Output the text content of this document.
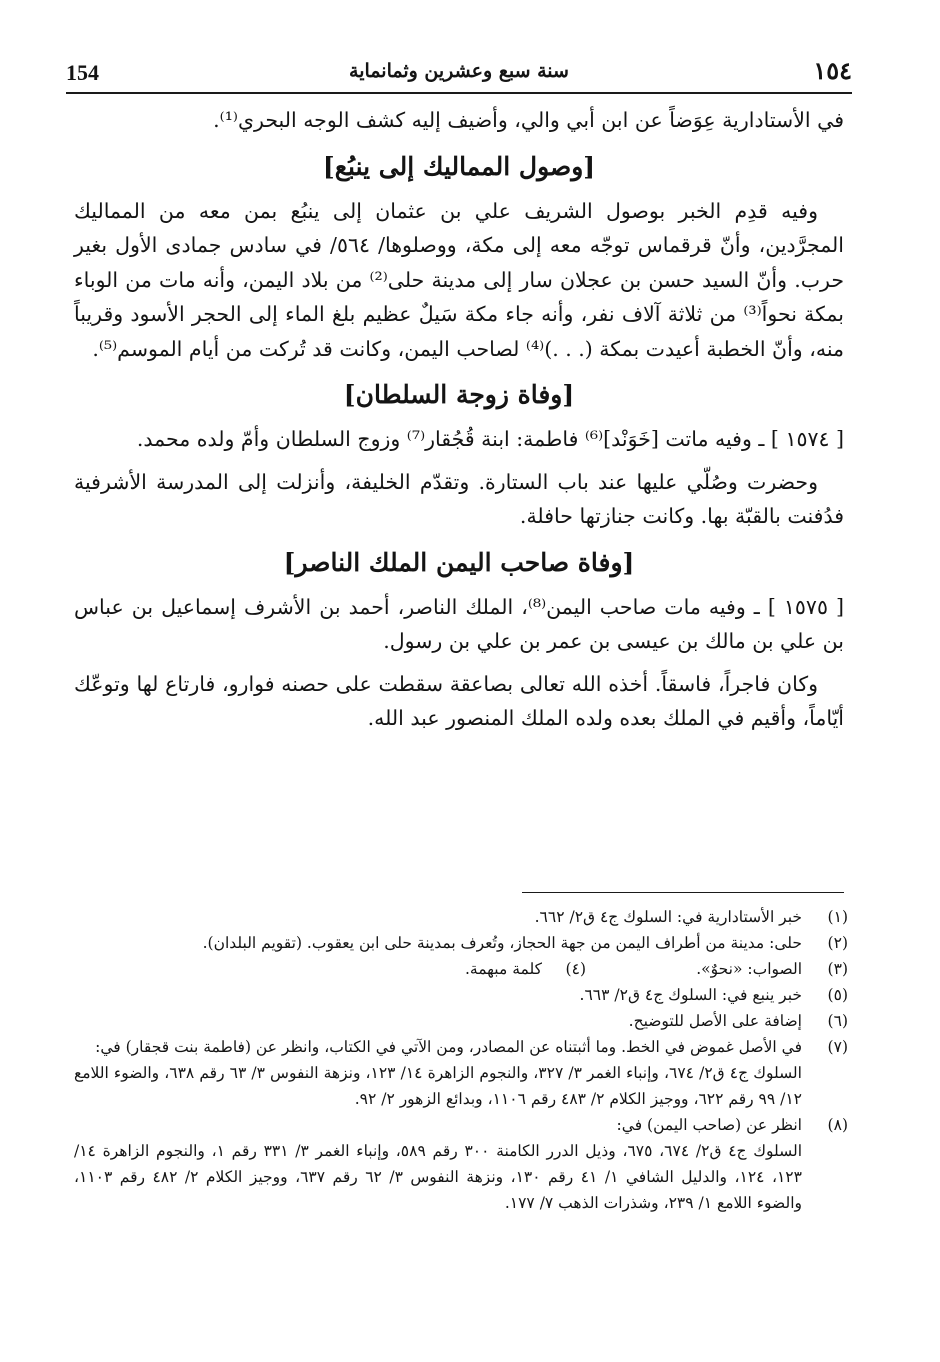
154	سنة سبع وعشرين وثمانماية	١٥٤

في الأستادارية عِوَضاً عن ابن أبي والي، وأضيف إليه كشف الوجه البحري⁽¹⁾.

[وصول المماليك إلى ينبُع]

وفيه قدِم الخبر بوصول الشريف علي بن عثمان إلى ينبُع بمن معه من المماليك المجرَّدين، وأنّ قرقماس توجّه معه إلى مكة، ووصلوها/ ٥٦٤/ في سادس جمادى الأول بغير حرب. وأنّ السيد حسن بن عجلان سار إلى مدينة حلى⁽²⁾ من بلاد اليمن، وأنه مات من الوباء بمكة نحواً⁽³⁾ من ثلاثة آلاف نفر، وأنه جاء مكة سَيلٌ عظيم بلغ الماء إلى الحجر الأسود وقريباً منه، وأنّ الخطبة أعيدت بمكة (. . .)⁽⁴⁾ لصاحب اليمن، وكانت قد تُركت من أيام الموسم⁽⁵⁾.

[وفاة زوجة السلطان]

[ ١٥٧٤ ] ـ وفيه ماتت [خَوَنْد]⁽⁶⁾ فاطمة: ابنة قُجُقار⁽⁷⁾ وزوج السلطان وأمّ ولده محمد.

وحضرت وصُلّي عليها عند باب الستارة. وتقدّم الخليفة، وأنزلت إلى المدرسة الأشرفية فدُفنت بالقبّة بها. وكانت جنازتها حافلة.

[وفاة صاحب اليمن الملك الناصر]

[ ١٥٧٥ ] ـ وفيه مات صاحب اليمن⁽⁸⁾، الملك الناصر، أحمد بن الأشرف إسماعيل بن عباس بن علي بن مالك بن عيسى بن عمر بن علي بن رسول.

وكان فاجراً، فاسقاً. أخذه الله تعالى بصاعقة سقطت على حصنه فوارو، فارتاع لها وتوعّك أيّاماً، وأقيم في الملك بعده ولده الملك المنصور عبد الله.

(١)
خبر الأستادارية في: السلوك ج٤ ق٢/ ٦٦٢.
(٢)
حلى: مدينة من أطراف اليمن من جهة الحجاز، وتُعرف بمدينة حلى ابن يعقوب. (تقويم البلدان).
(٣)
الصواب: «نحوٌ».
(٤)
كلمة مبهمة.
(٥)
خبر ينبع في: السلوك ج٤ ق٢/ ٦٦٣.
(٦)
إضافة على الأصل للتوضيح.
(٧)
في الأصل غموض في الخط. وما أثبتناه عن المصادر، ومن الآتي في الكتاب، وانظر عن (فاطمة بنت قجقار) في:
السلوك ج٤ ق٢/ ٦٧٤، وإنباء الغمر ٣/ ٣٢٧، والنجوم الزاهرة ١٤/ ١٢٣، ونزهة النفوس ٣/ ٦٣ رقم ٦٣٨، والضوء اللامع ١٢/ ٩٩ رقم ٦٢٢، ووجيز الكلام ٢/ ٤٨٣ رقم ١١٠٦، وبدائع الزهور ٢/ ٩٢.
(٨)
انظر عن (صاحب اليمن) في:
السلوك ج٤ ق٢/ ٦٧٤، ٦٧٥، وذيل الدرر الكامنة ٣٠٠ رقم ٥٨٩، وإنباء الغمر ٣/ ٣٣١ رقم ١، والنجوم الزاهرة ١٤/ ١٢٣، ١٢٤، والدليل الشافي ١/ ٤١ رقم ١٣٠، ونزهة النفوس ٣/ ٦٢ رقم ٦٣٧، ووجيز الكلام ٢/ ٤٨٢ رقم ١١٠٣، والضوء اللامع ١/ ٢٣٩، وشذرات الذهب ٧/ ١٧٧.
